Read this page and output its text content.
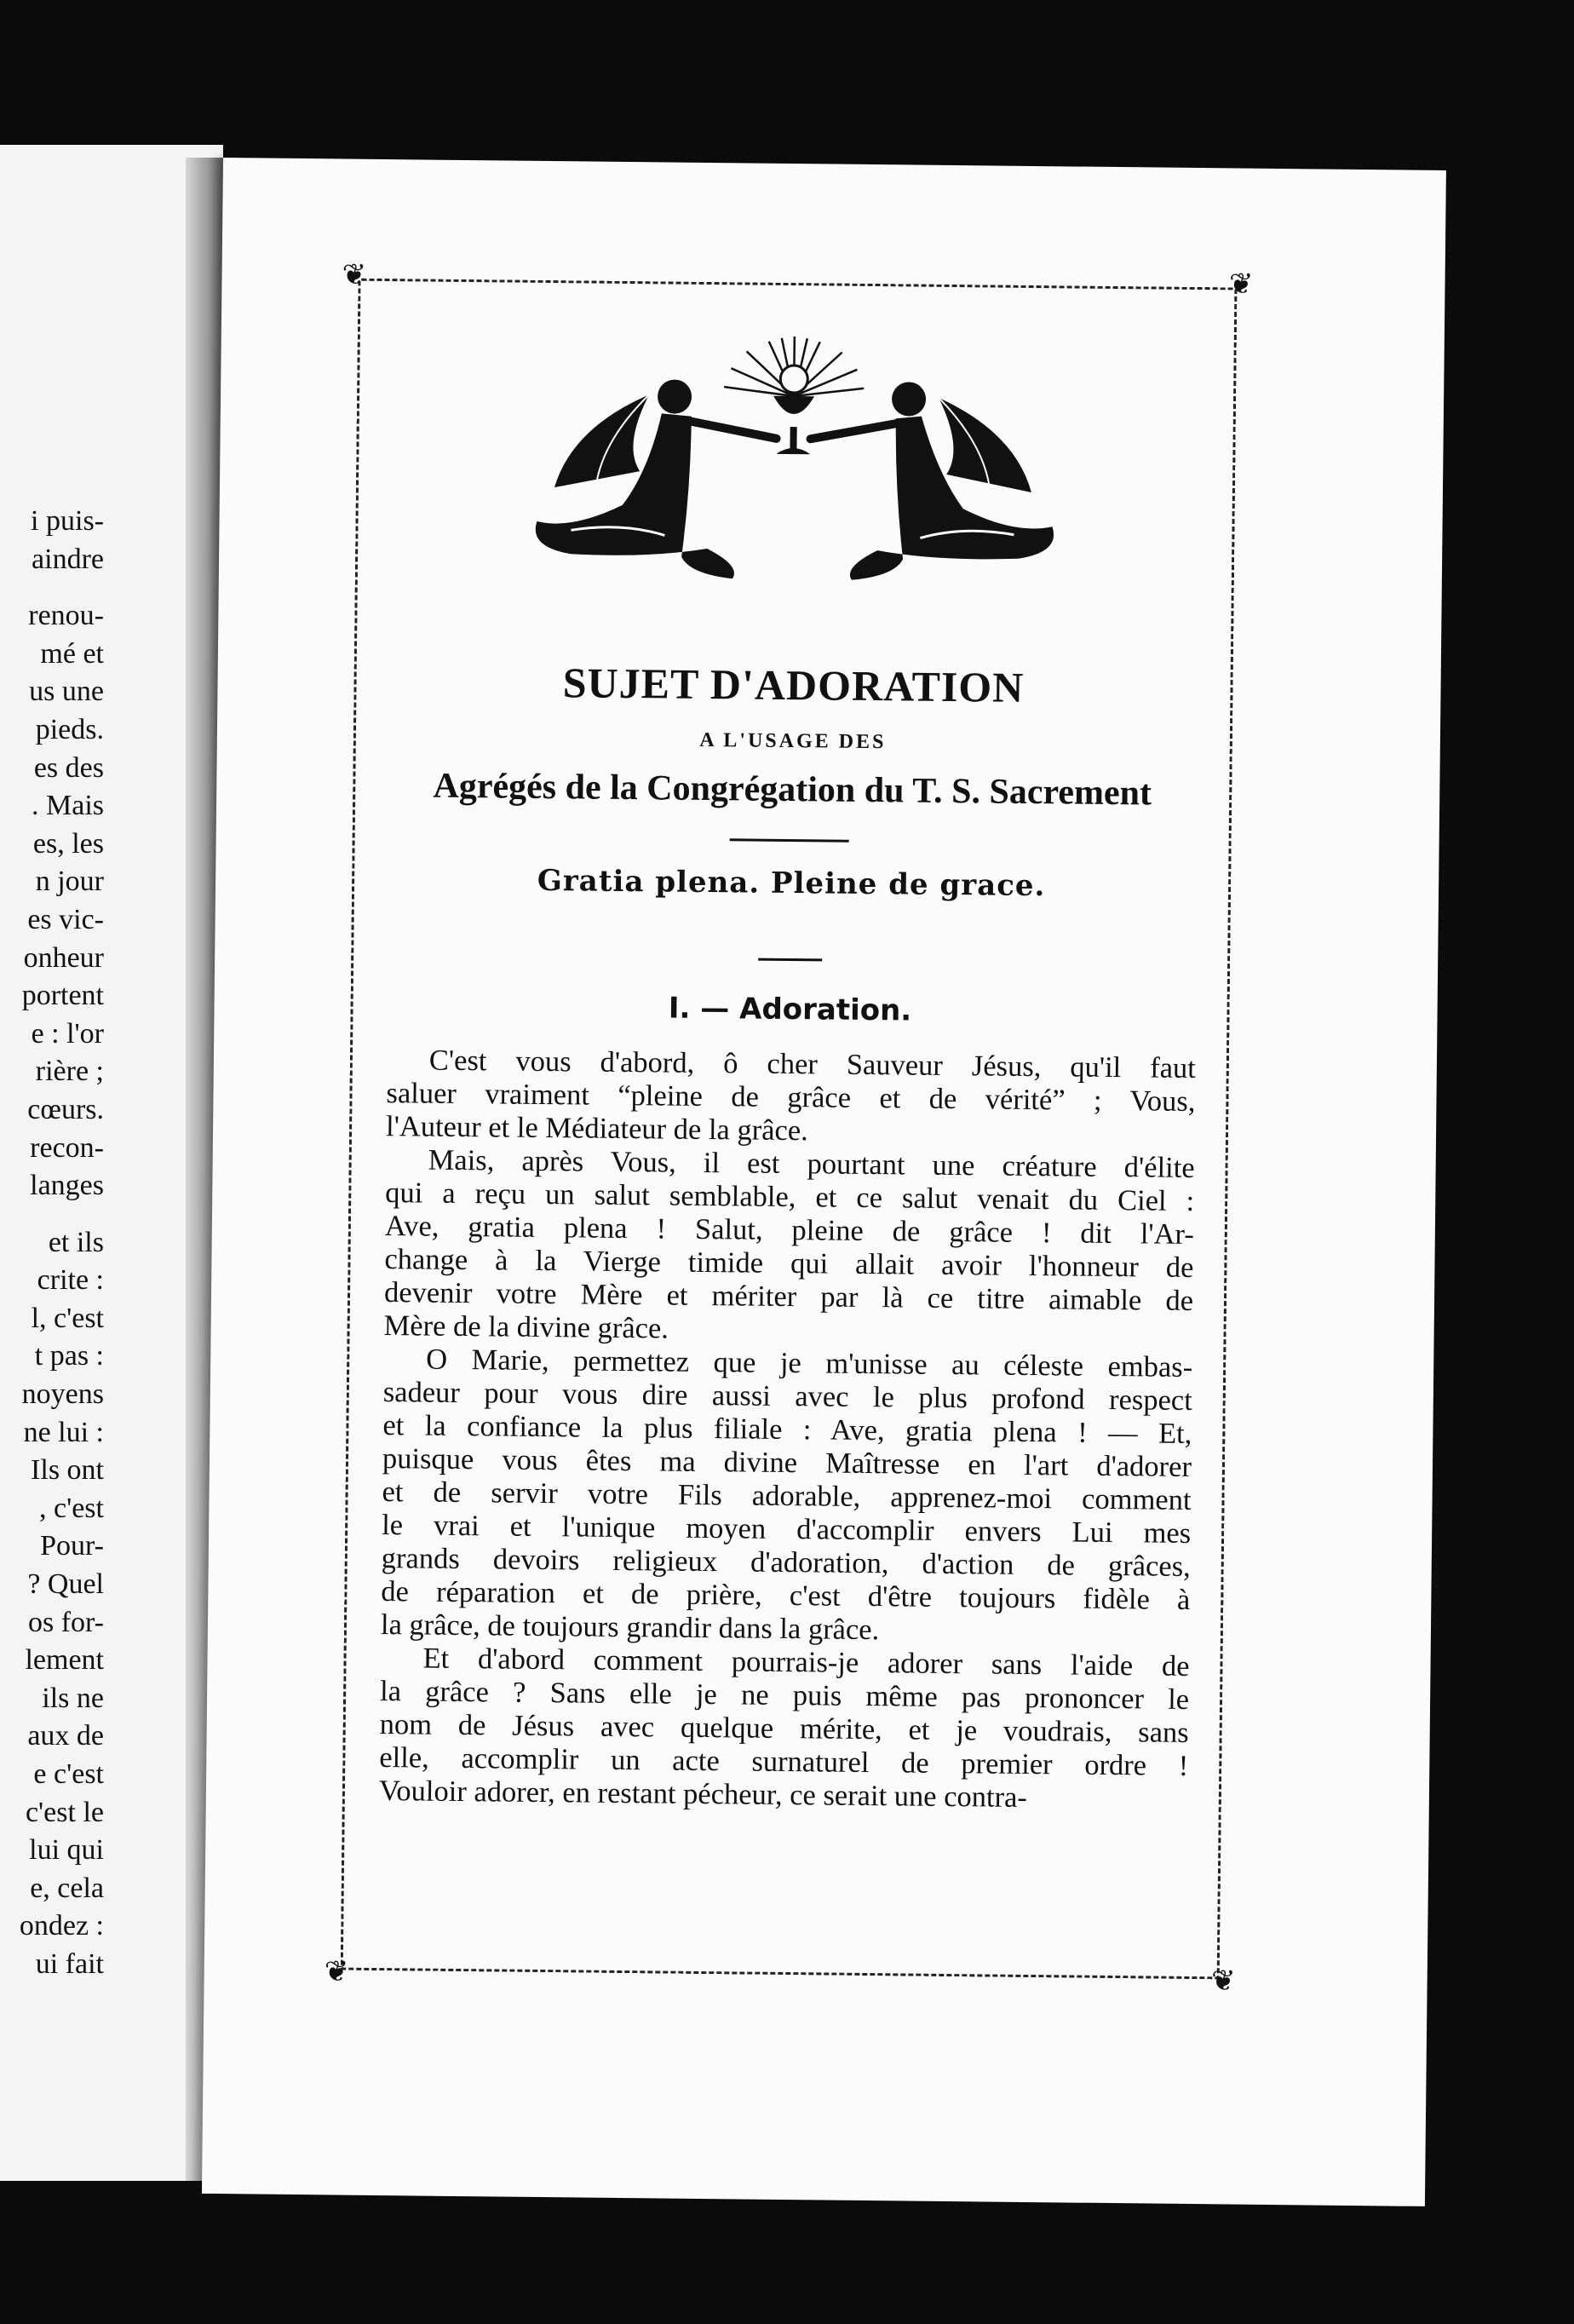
i puis-
aindre
renou-
mé et
us une
pieds.
es des
. Mais
es, les
n jour
es vic-
onheur
portent
e : l'or
rière ;
cœurs.
recon-
langes
et ils
crite :
l, c'est
t pas :
noyens
ne lui :
Ils ont
, c'est
Pour-
? Quel
os for-
lement
ils ne
aux de
e c'est
c'est le
lui qui
e, cela
ondez :
ui fait
❦	❦
❦	❦
SUJET D'ADORATION
A L'USAGE DES
Agrégés de la Congrégation du T. S. Sacrement
Gratia plena. Pleine de grace.
I. — Adoration.
C'est vous d'abord, ô cher Sauveur Jésus, qu'il faut
saluer vraiment “pleine de grâce et de vérité” ; Vous,
l'Auteur et le Médiateur de la grâce.
Mais, après Vous, il est pourtant une créature d'élite
qui a reçu un salut semblable, et ce salut venait du Ciel :
Ave, gratia plena ! Salut, pleine de grâce ! dit l'Ar-
change à la Vierge timide qui allait avoir l'honneur de
devenir votre Mère et mériter par là ce titre aimable de
Mère de la divine grâce.
O Marie, permettez que je m'unisse au céleste embas-
sadeur pour vous dire aussi avec le plus profond respect
et la confiance la plus filiale : Ave, gratia plena ! — Et,
puisque vous êtes ma divine Maîtresse en l'art d'adorer
et de servir votre Fils adorable, apprenez-moi comment
le vrai et l'unique moyen d'accomplir envers Lui mes
grands devoirs religieux d'adoration, d'action de grâces,
de réparation et de prière, c'est d'être toujours fidèle à
la grâce, de toujours grandir dans la grâce.
Et d'abord comment pourrais-je adorer sans l'aide de
la grâce ? Sans elle je ne puis même pas prononcer le
nom de Jésus avec quelque mérite, et je voudrais, sans
elle, accomplir un acte surnaturel de premier ordre !
Vouloir adorer, en restant pécheur, ce serait une contra-
